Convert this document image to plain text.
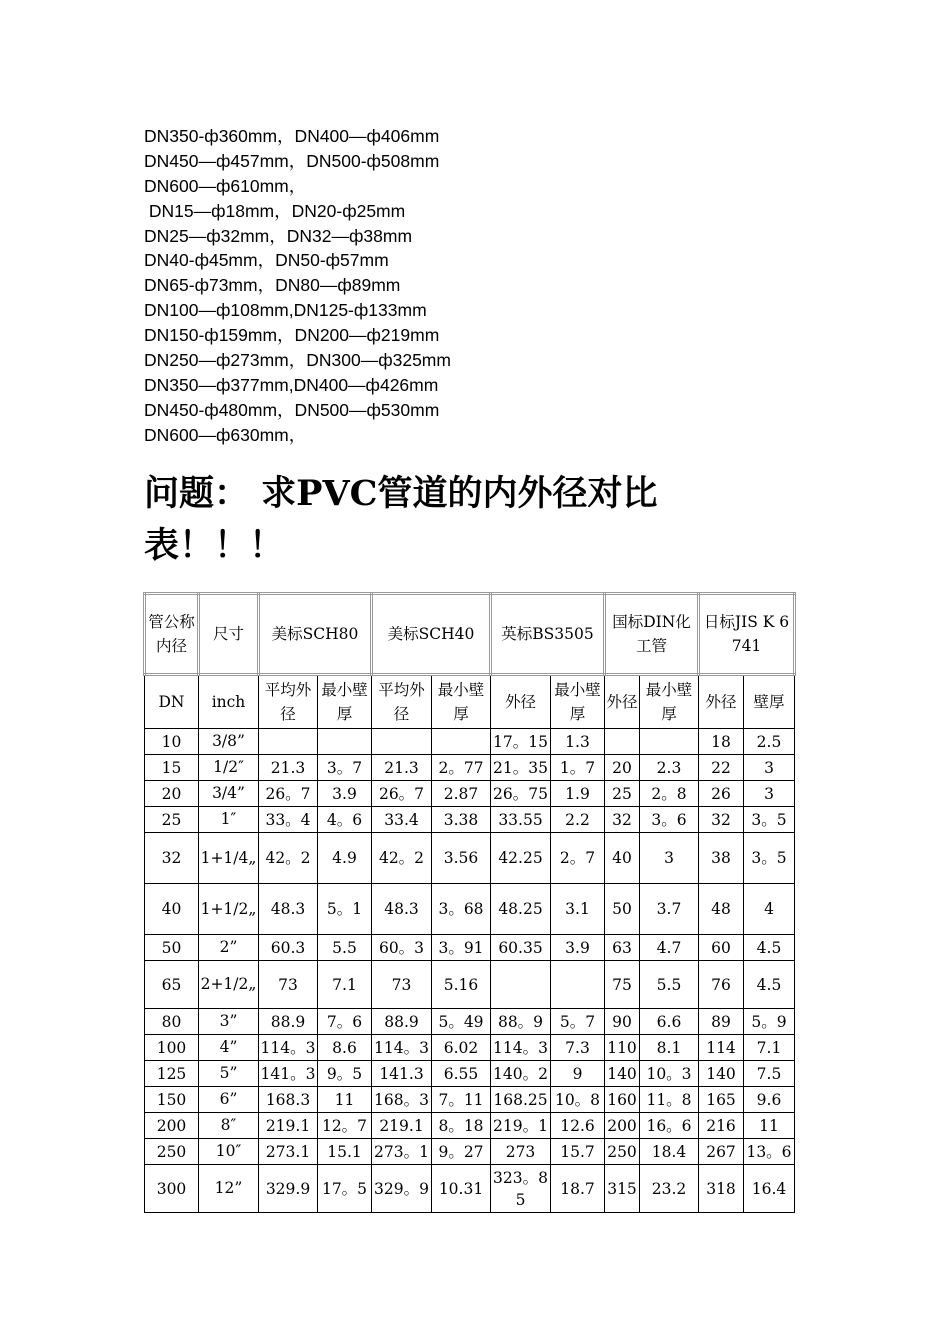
DN350-ф360mm，DN400—ф406mm
DN450—ф457mm，DN500-ф508mm
DN600—ф610mm，
DN15—ф18mm，DN20-ф25mm
DN25—ф32mm，DN32—ф38mm
DN40-ф45mm，DN50-ф57mm
DN65-ф73mm，DN80—ф89mm
DN100—ф108mm,DN125-ф133mm
DN150-ф159mm，DN200—ф219mm
DN250—ф273mm，DN300—ф325mm
DN350—ф377mm,DN400—ф426mm
DN450-ф480mm，DN500—ф530mm
DN600—ф630mm，
问题： 求PVC管道的内外径对比表！！！
管公称内径	尺寸	美标SCH80		美标SCH40		英标BS3505		国标DIN化工管		日标JIS K 6741	
DN	inch	平均外径	最小壁厚	平均外径	最小壁厚	外径	最小壁厚	外径	最小壁厚	外径	壁厚
10	3/8”					17。15	1.3			18	2.5
15	1/2″	21.3	3。7	21.3	2。77	21。35	1。7	20	2.3	22	3
20	3/4”	26。7	3.9	26。7	2.87	26。75	1.9	25	2。8	26	3
25	1″	33。4	4。6	33.4	3.38	33.55	2.2	32	3。6	32	3。5
32	1+1/4„	42。2	4.9	42。2	3.56	42.25	2。7	40	3	38	3。5
40	1+1/2„	48.3	5。1	48.3	3。68	48.25	3.1	50	3.7	48	4
50	2”	60.3	5.5	60。3	3。91	60.35	3.9	63	4.7	60	4.5
65	2+1/2„	73	7.1	73	5.16			75	5.5	76	4.5
80	3”	88.9	7。6	88.9	5。49	88。9	5。7	90	6.6	89	5。9
100	4”	114。3	8.6	114。3	6.02	114。3	7.3	110	8.1	114	7.1
125	5”	141。3	9。5	141.3	6.55	140。2	9	140	10。3	140	7.5
150	6”	168.3	11	168。3	7。11	168.25	10。8	160	11。8	165	9.6
200	8″	219.1	12。7	219.1	8。18	219。1	12.6	200	16。6	216	11
250	10″	273.1	15.1	273。1	9。27	273	15.7	250	18.4	267	13。6
300	12”	329.9	17。5	329。9	10.31	323。85	18.7	315	23.2	318	16.4
